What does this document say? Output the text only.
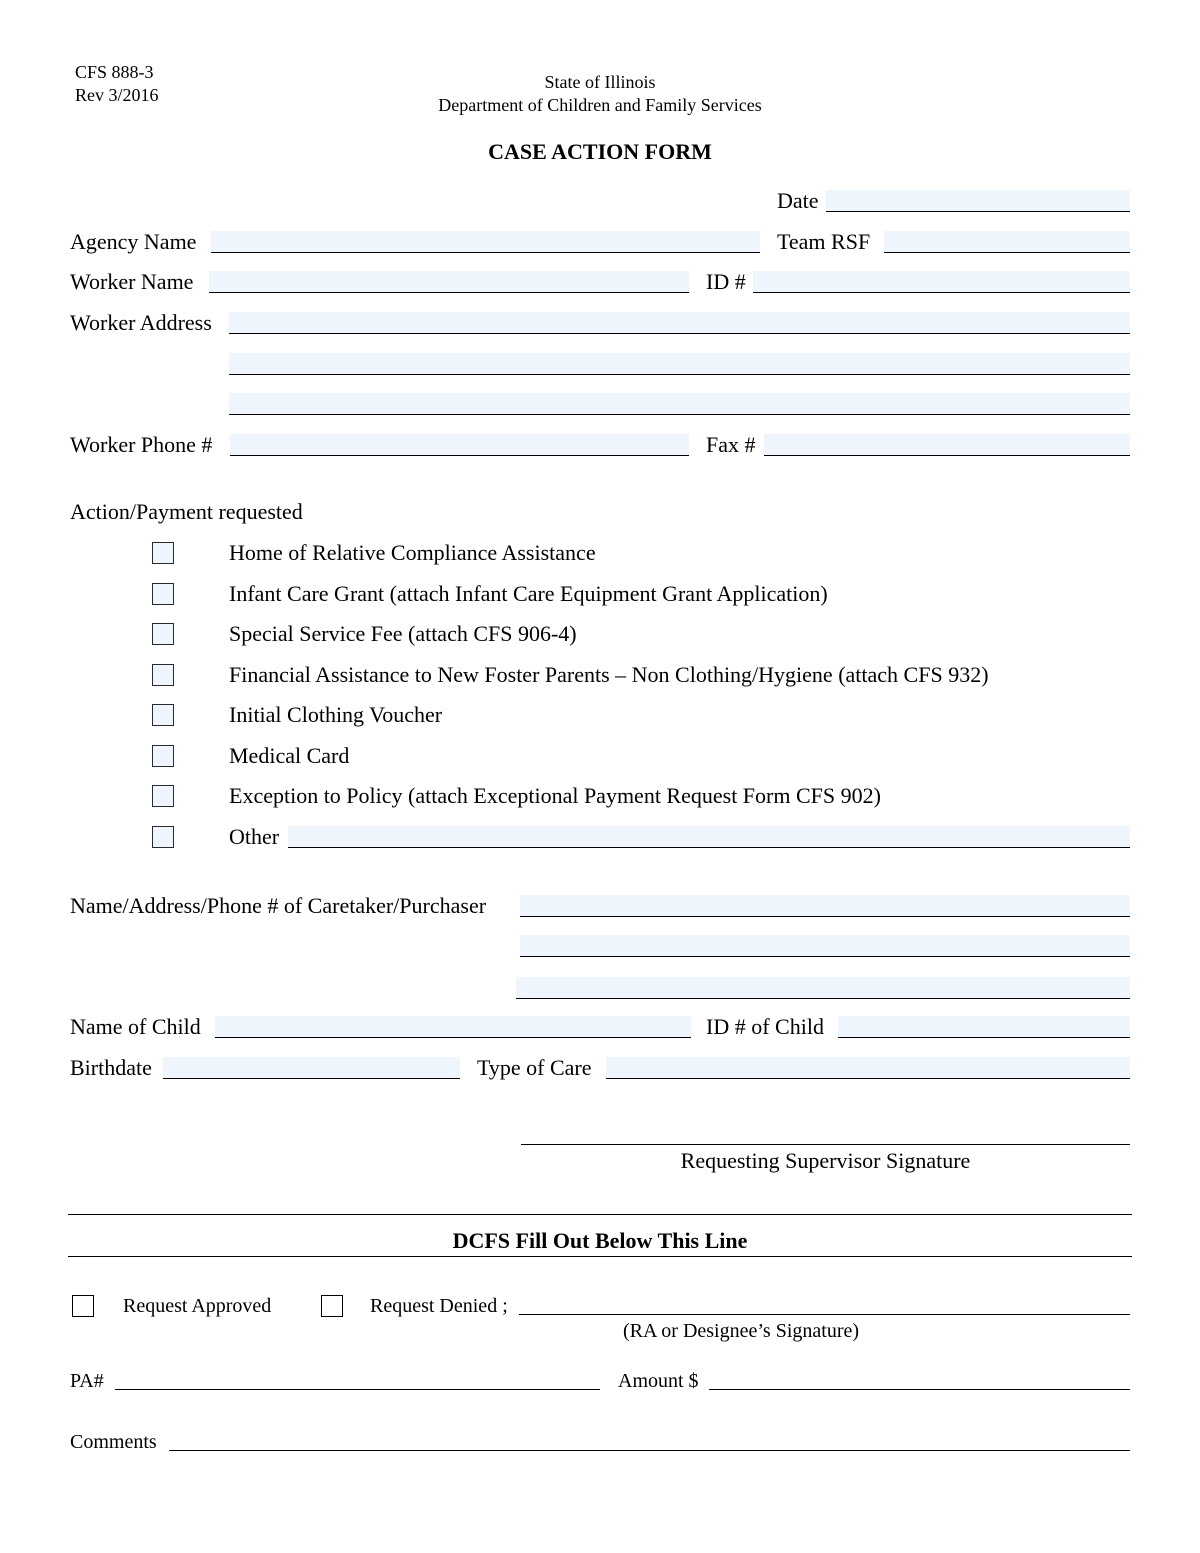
CFS 888-3
Rev 3/2016
State of Illinois
Department of Children and Family Services
CASE ACTION FORM
Date
Agency Name	Team RSF
Worker Name	ID #
Worker Address
Worker Phone #	Fax #
Action/Payment requested
Home of Relative Compliance Assistance
Infant Care Grant (attach Infant Care Equipment Grant Application)
Special Service Fee (attach CFS 906-4)
Financial Assistance to New Foster Parents – Non Clothing/Hygiene (attach CFS 932)
Initial Clothing Voucher
Medical Card
Exception to Policy (attach Exceptional Payment Request Form CFS 902)
Other
Name/Address/Phone # of Caretaker/Purchaser
Name of Child	ID # of Child
Birthdate	Type of Care
Requesting Supervisor Signature
DCFS Fill Out Below This Line
Request Approved	Request Denied ;
(RA or Designee’s Signature)
PA#	Amount $
Comments
